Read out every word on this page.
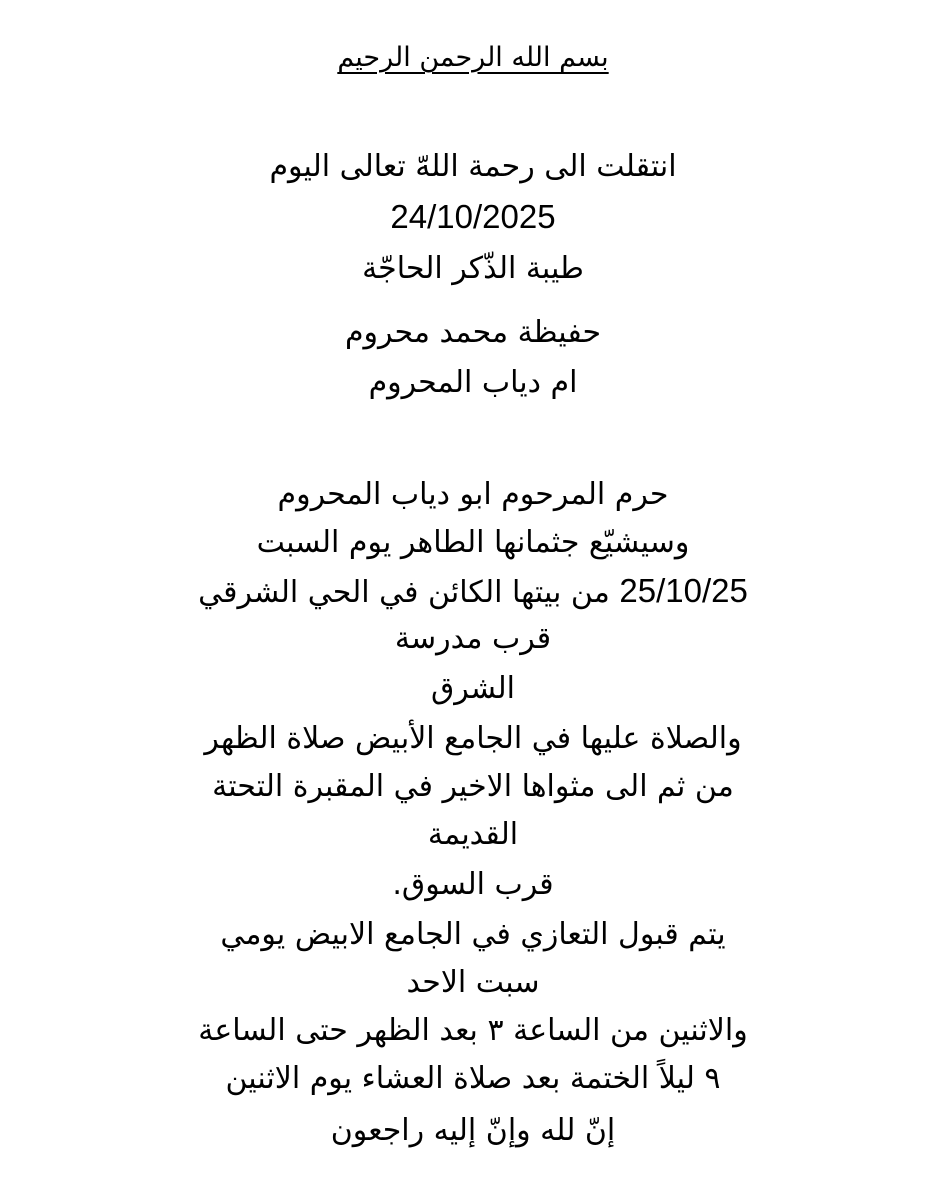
بسم الله الرحمن الرحيم
انتقلت الى رحمة اللهّ تعالى اليوم
24/10/2025
طيبة الذّكر الحاجّة
حفيظة محمد محروم
ام دياب المحروم
حرم المرحوم ابو دياب المحروم
وسيشيّع جثمانها الطاهر يوم السبت
25/10/25 من بيتها الكائن في الحي الشرقي
قرب مدرسة
الشرق
والصلاة عليها في الجامع الأبيض صلاة الظهر
من ثم الى مثواها الاخير في المقبرة التحتة
القديمة
قرب السوق.
يتم قبول التعازي في الجامع الابيض يومي
سبت الاحد
والاثنين من الساعة ٣ بعد الظهر حتى الساعة
٩ ليلاً الختمة بعد صلاة العشاء يوم الاثنين
إنّ لله وإنّ إليه راجعون
